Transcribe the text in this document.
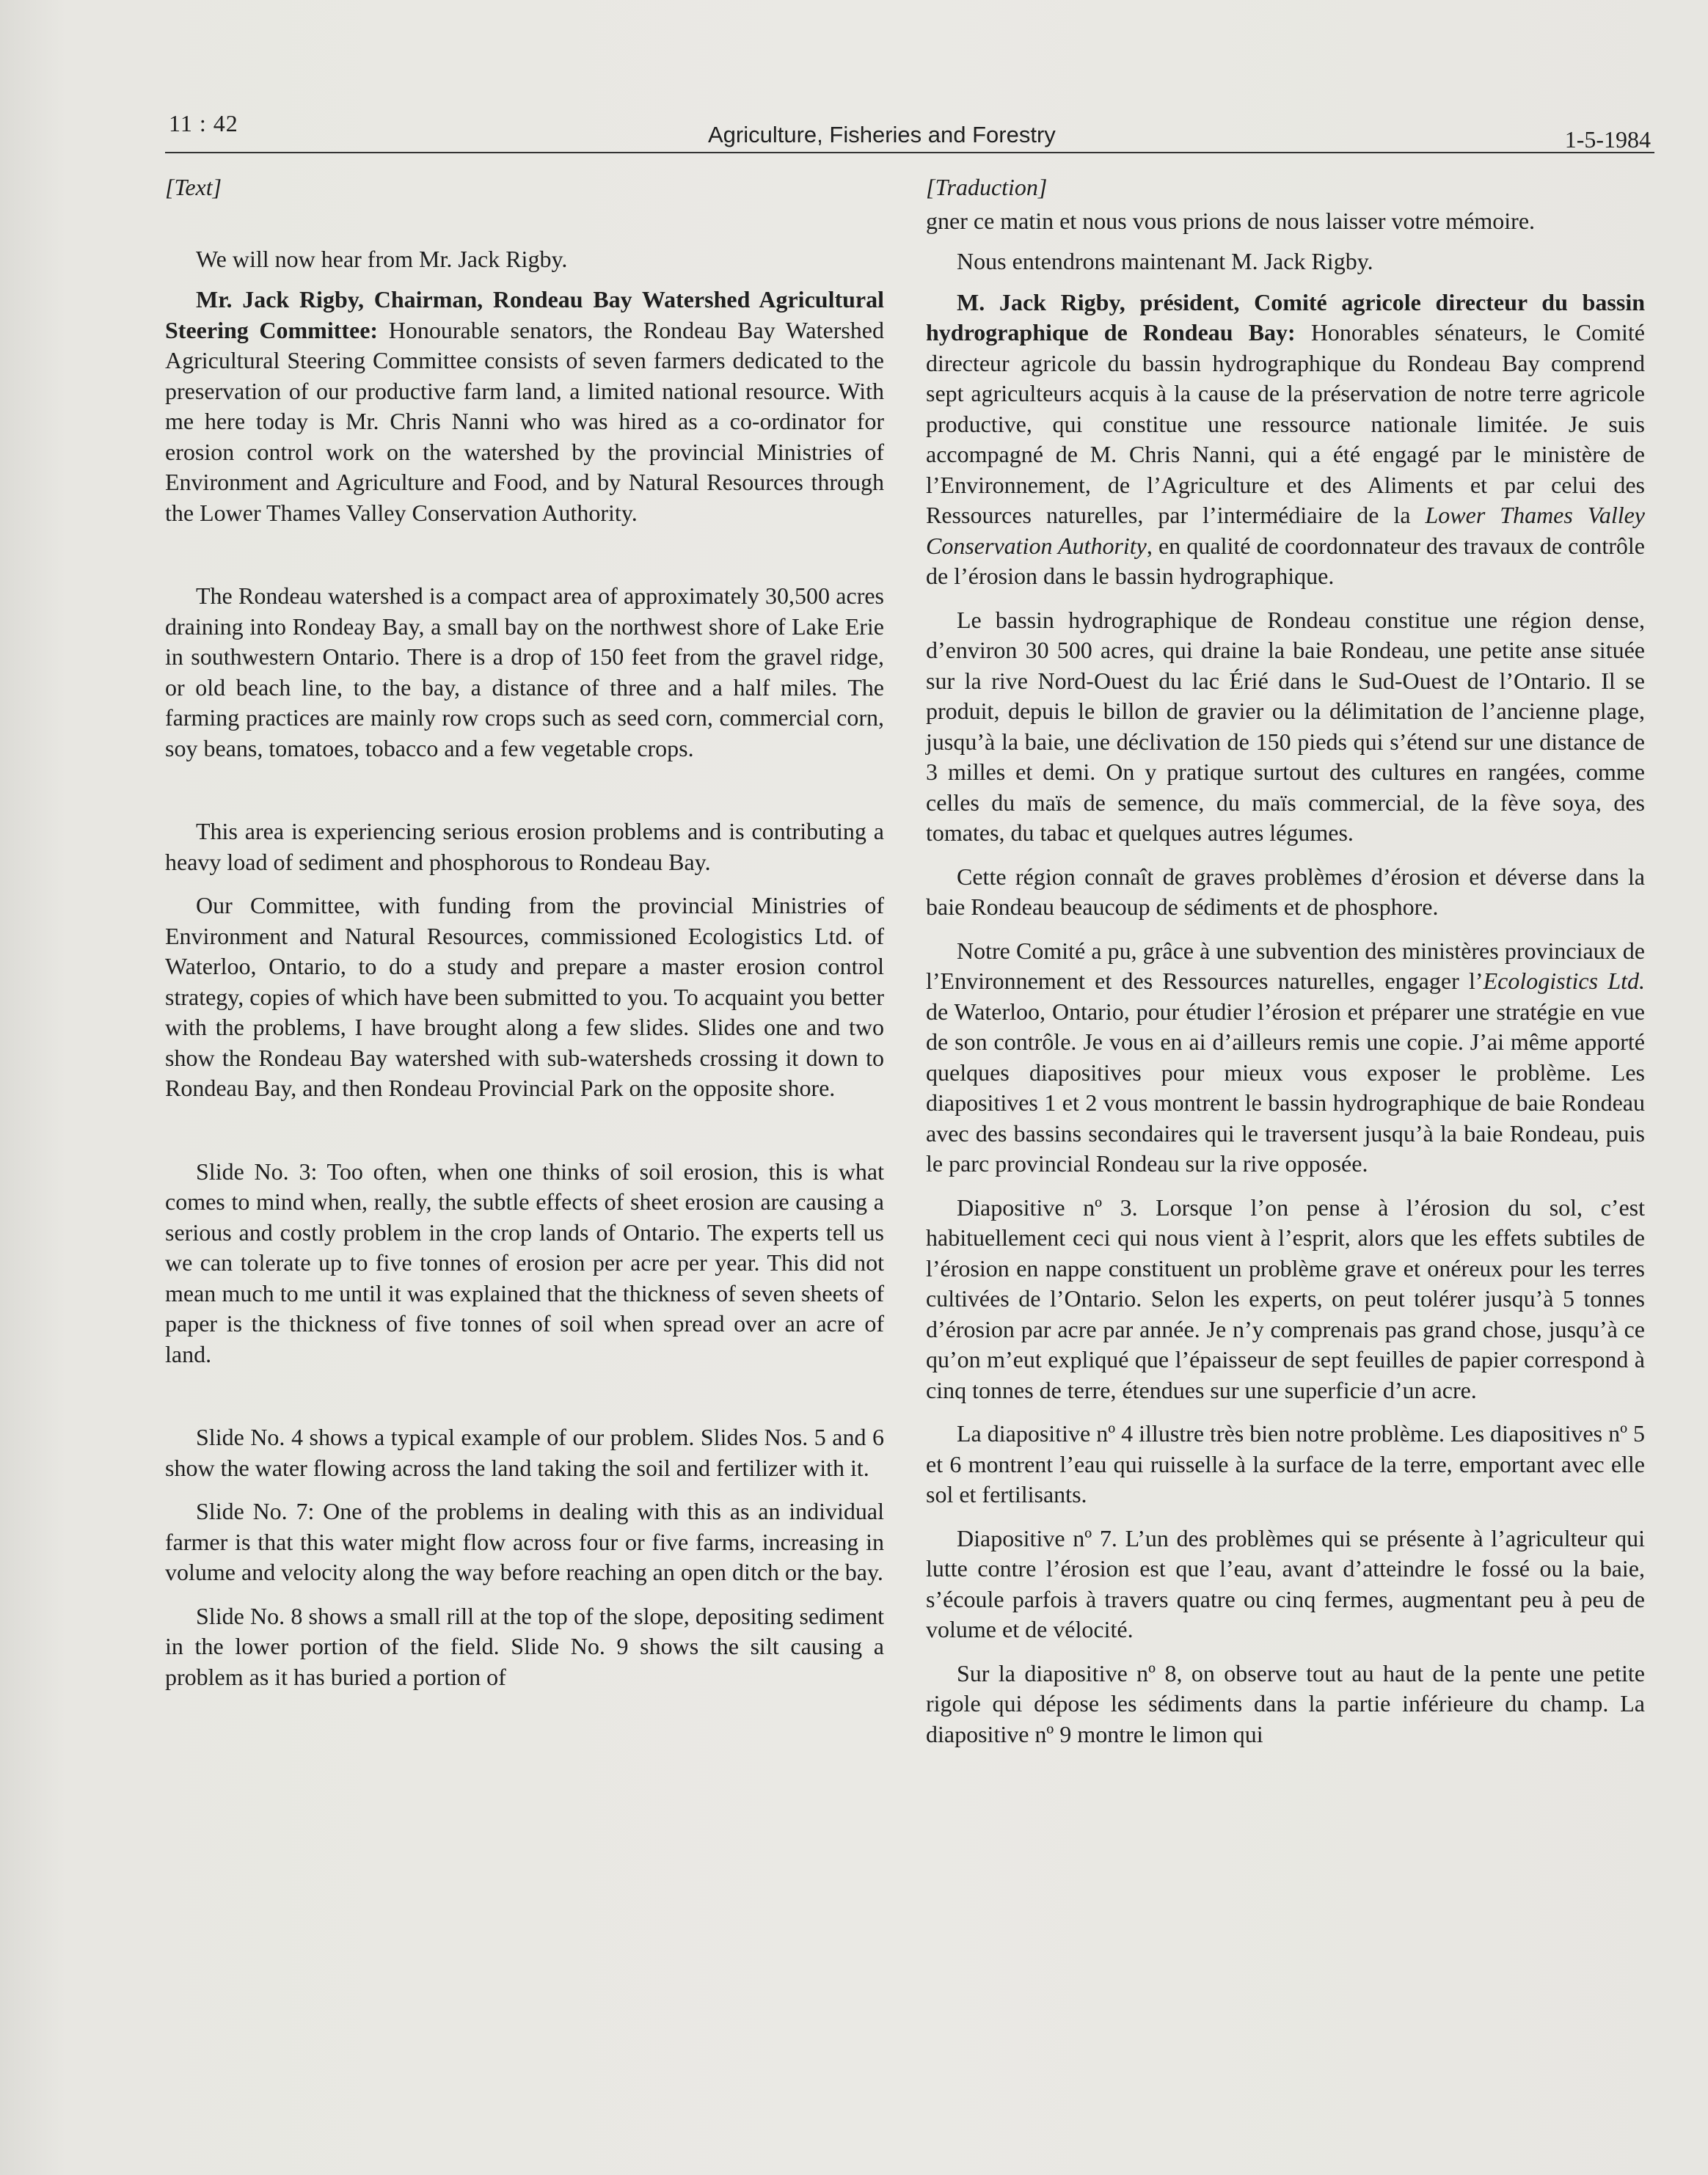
11 : 42	Agriculture, Fisheries and Forestry	1-5-1984

[Text]

We will now hear from Mr. Jack Rigby.

Mr. Jack Rigby, Chairman, Rondeau Bay Watershed Agricultural Steering Committee: Honourable senators, the Rondeau Bay Watershed Agricultural Steering Committee consists of seven farmers dedicated to the preservation of our productive farm land, a limited national resource. With me here today is Mr. Chris Nanni who was hired as a co-ordinator for erosion control work on the watershed by the provincial Ministries of Environment and Agriculture and Food, and by Natural Resources through the Lower Thames Valley Conservation Authority.

The Rondeau watershed is a compact area of approximately 30,500 acres draining into Rondeay Bay, a small bay on the northwest shore of Lake Erie in southwestern Ontario. There is a drop of 150 feet from the gravel ridge, or old beach line, to the bay, a distance of three and a half miles. The farming practices are mainly row crops such as seed corn, commercial corn, soy beans, tomatoes, tobacco and a few vegetable crops.

This area is experiencing serious erosion problems and is contributing a heavy load of sediment and phosphorous to Rondeau Bay.

Our Committee, with funding from the provincial Ministries of Environment and Natural Resources, commissioned Ecologistics Ltd. of Waterloo, Ontario, to do a study and prepare a master erosion control strategy, copies of which have been submitted to you. To acquaint you better with the problems, I have brought along a few slides. Slides one and two show the Rondeau Bay watershed with sub-watersheds crossing it down to Rondeau Bay, and then Rondeau Provincial Park on the opposite shore.

Slide No. 3: Too often, when one thinks of soil erosion, this is what comes to mind when, really, the subtle effects of sheet erosion are causing a serious and costly problem in the crop lands of Ontario. The experts tell us we can tolerate up to five tonnes of erosion per acre per year. This did not mean much to me until it was explained that the thickness of seven sheets of paper is the thickness of five tonnes of soil when spread over an acre of land.

Slide No. 4 shows a typical example of our problem. Slides Nos. 5 and 6 show the water flowing across the land taking the soil and fertilizer with it.

Slide No. 7: One of the problems in dealing with this as an individual farmer is that this water might flow across four or five farms, increasing in volume and velocity along the way before reaching an open ditch or the bay.

Slide No. 8 shows a small rill at the top of the slope, depositing sediment in the lower portion of the field. Slide No. 9 shows the silt causing a problem as it has buried a portion of

[Traduction]

gner ce matin et nous vous prions de nous laisser votre mémoire.

Nous entendrons maintenant M. Jack Rigby.

M. Jack Rigby, président, Comité agricole directeur du bassin hydrographique de Rondeau Bay: Honorables sénateurs, le Comité directeur agricole du bassin hydrographique du Rondeau Bay comprend sept agriculteurs acquis à la cause de la préservation de notre terre agricole productive, qui constitue une ressource nationale limitée. Je suis accompagné de M. Chris Nanni, qui a été engagé par le ministère de l’Environnement, de l’Agriculture et des Aliments et par celui des Ressources naturelles, par l’intermédiaire de la Lower Thames Valley Conservation Authority, en qualité de coordonnateur des travaux de contrôle de l’érosion dans le bassin hydrographique.

Le bassin hydrographique de Rondeau constitue une région dense, d’environ 30 500 acres, qui draine la baie Rondeau, une petite anse située sur la rive Nord-Ouest du lac Érié dans le Sud-Ouest de l’Ontario. Il se produit, depuis le billon de gravier ou la délimitation de l’ancienne plage, jusqu’à la baie, une déclivation de 150 pieds qui s’étend sur une distance de 3 milles et demi. On y pratique surtout des cultures en rangées, comme celles du maïs de semence, du maïs commercial, de la fève soya, des tomates, du tabac et quelques autres légumes.

Cette région connaît de graves problèmes d’érosion et déverse dans la baie Rondeau beaucoup de sédiments et de phosphore.

Notre Comité a pu, grâce à une subvention des ministères provinciaux de l’Environnement et des Ressources naturelles, engager l’Ecologistics Ltd. de Waterloo, Ontario, pour étudier l’érosion et préparer une stratégie en vue de son contrôle. Je vous en ai d’ailleurs remis une copie. J’ai même apporté quelques diapositives pour mieux vous exposer le problème. Les diapositives 1 et 2 vous montrent le bassin hydrographique de baie Rondeau avec des bassins secondaires qui le traversent jusqu’à la baie Rondeau, puis le parc provincial Rondeau sur la rive opposée.

Diapositive nº 3. Lorsque l’on pense à l’érosion du sol, c’est habituellement ceci qui nous vient à l’esprit, alors que les effets subtiles de l’érosion en nappe constituent un problème grave et onéreux pour les terres cultivées de l’Ontario. Selon les experts, on peut tolérer jusqu’à 5 tonnes d’érosion par acre par année. Je n’y comprenais pas grand chose, jusqu’à ce qu’on m’eut expliqué que l’épaisseur de sept feuilles de papier correspond à cinq tonnes de terre, étendues sur une superficie d’un acre.

La diapositive nº 4 illustre très bien notre problème. Les diapositives nº 5 et 6 montrent l’eau qui ruisselle à la surface de la terre, emportant avec elle sol et fertilisants.

Diapositive nº 7. L’un des problèmes qui se présente à l’agriculteur qui lutte contre l’érosion est que l’eau, avant d’atteindre le fossé ou la baie, s’écoule parfois à travers quatre ou cinq fermes, augmentant peu à peu de volume et de vélocité.

Sur la diapositive nº 8, on observe tout au haut de la pente une petite rigole qui dépose les sédiments dans la partie inférieure du champ. La diapositive nº 9 montre le limon qui
